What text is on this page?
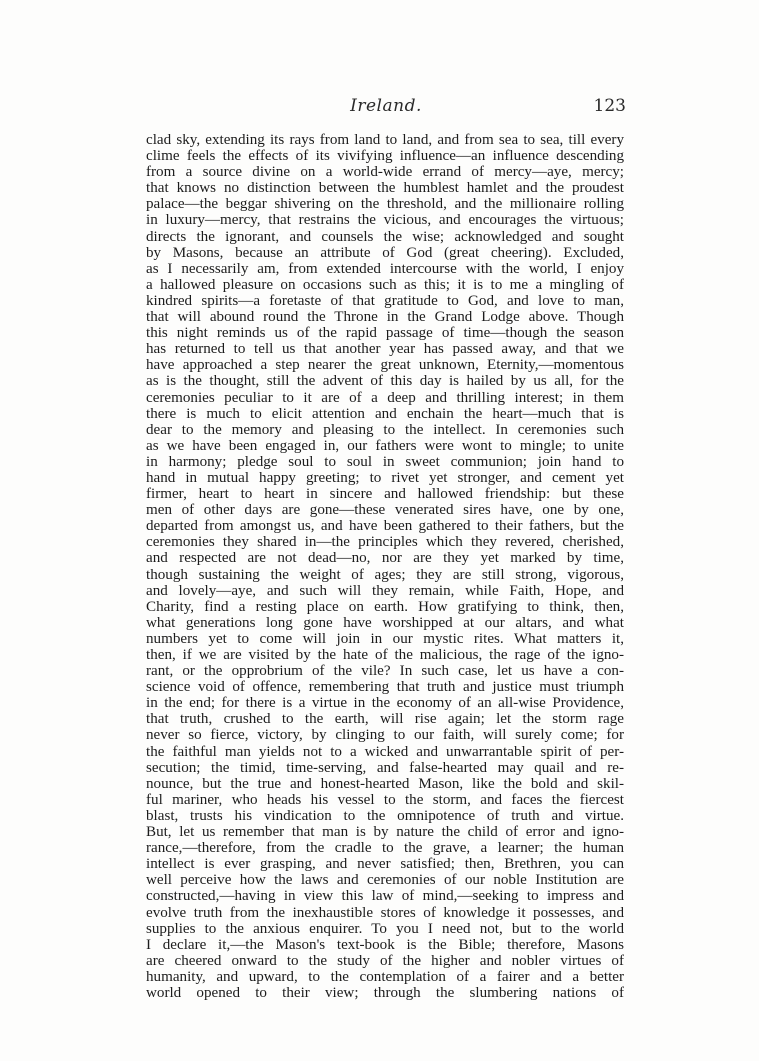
Ireland.	123
clad sky, extending its rays from land to land, and from sea to sea, till every
clime feels the effects of its vivifying influence—an influence descending
from a source divine on a world-wide errand of mercy—aye, mercy;
that knows no distinction between the humblest hamlet and the proudest
palace—the beggar shivering on the threshold, and the millionaire rolling
in luxury—mercy, that restrains the vicious, and encourages the virtuous;
directs the ignorant, and counsels the wise; acknowledged and sought
by Masons, because an attribute of God (great cheering). Excluded,
as I necessarily am, from extended intercourse with the world, I enjoy
a hallowed pleasure on occasions such as this; it is to me a mingling of
kindred spirits—a foretaste of that gratitude to God, and love to man,
that will abound round the Throne in the Grand Lodge above. Though
this night reminds us of the rapid passage of time—though the season
has returned to tell us that another year has passed away, and that we
have approached a step nearer the great unknown, Eternity,—momentous
as is the thought, still the advent of this day is hailed by us all, for the
ceremonies peculiar to it are of a deep and thrilling interest; in them
there is much to elicit attention and enchain the heart—much that is
dear to the memory and pleasing to the intellect. In ceremonies such
as we have been engaged in, our fathers were wont to mingle; to unite
in harmony; pledge soul to soul in sweet communion; join hand to
hand in mutual happy greeting; to rivet yet stronger, and cement yet
firmer, heart to heart in sincere and hallowed friendship: but these
men of other days are gone—these venerated sires have, one by one,
departed from amongst us, and have been gathered to their fathers, but the
ceremonies they shared in—the principles which they revered, cherished,
and respected are not dead—no, nor are they yet marked by time,
though sustaining the weight of ages; they are still strong, vigorous,
and lovely—aye, and such will they remain, while Faith, Hope, and
Charity, find a resting place on earth. How gratifying to think, then,
what generations long gone have worshipped at our altars, and what
numbers yet to come will join in our mystic rites. What matters it,
then, if we are visited by the hate of the malicious, the rage of the igno-
rant, or the opprobrium of the vile? In such case, let us have a con-
science void of offence, remembering that truth and justice must triumph
in the end; for there is a virtue in the economy of an all-wise Providence,
that truth, crushed to the earth, will rise again; let the storm rage
never so fierce, victory, by clinging to our faith, will surely come; for
the faithful man yields not to a wicked and unwarrantable spirit of per-
secution; the timid, time-serving, and false-hearted may quail and re-
nounce, but the true and honest-hearted Mason, like the bold and skil-
ful mariner, who heads his vessel to the storm, and faces the fiercest
blast, trusts his vindication to the omnipotence of truth and virtue.
But, let us remember that man is by nature the child of error and igno-
rance,—therefore, from the cradle to the grave, a learner; the human
intellect is ever grasping, and never satisfied; then, Brethren, you can
well perceive how the laws and ceremonies of our noble Institution are
constructed,—having in view this law of mind,—seeking to impress and
evolve truth from the inexhaustible stores of knowledge it possesses, and
supplies to the anxious enquirer. To you I need not, but to the world
I declare it,—the Mason's text-book is the Bible; therefore, Masons
are cheered onward to the study of the higher and nobler virtues of
humanity, and upward, to the contemplation of a fairer and a better
world opened to their view; through the slumbering nations of
